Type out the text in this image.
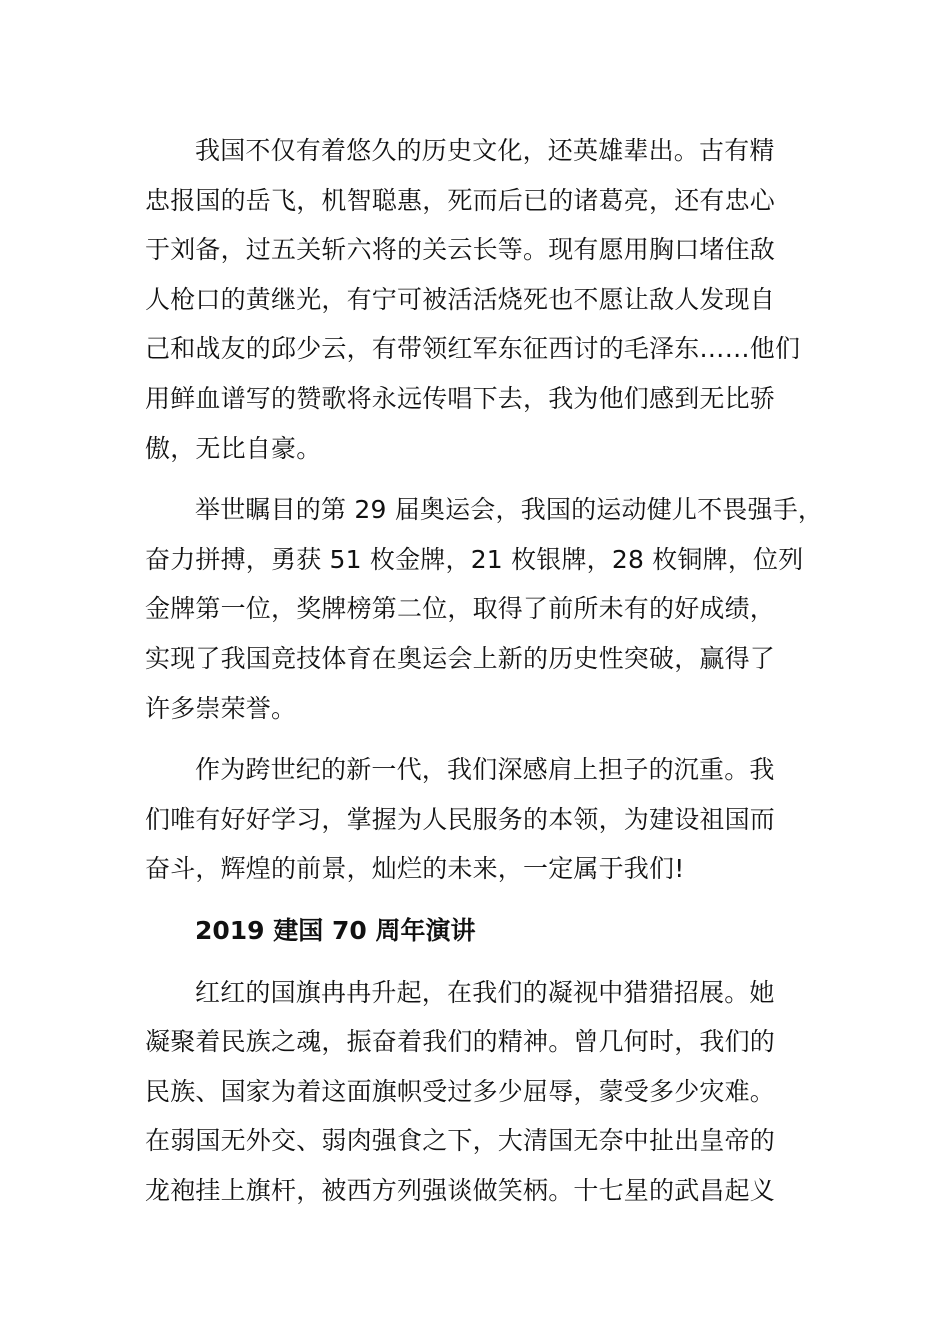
我国不仅有着悠久的历史文化，还英雄辈出。古有精
忠报国的岳飞，机智聪惠，死而后已的诸葛亮，还有忠心
于刘备，过五关斩六将的关云长等。现有愿用胸口堵住敌
人枪口的黄继光，有宁可被活活烧死也不愿让敌人发现自
己和战友的邱少云，有带领红军东征西讨的毛泽东……他们
用鲜血谱写的赞歌将永远传唱下去，我为他们感到无比骄
傲，无比自豪。

举世瞩目的第 29 届奥运会，我国的运动健儿不畏强手，
奋力拼搏，勇获 51 枚金牌，21 枚银牌，28 枚铜牌，位列
金牌第一位，奖牌榜第二位，取得了前所未有的好成绩，
实现了我国竞技体育在奥运会上新的历史性突破，赢得了
许多崇荣誉。

作为跨世纪的新一代，我们深感肩上担子的沉重。我
们唯有好好学习，掌握为人民服务的本领，为建设祖国而
奋斗，辉煌的前景，灿烂的未来，一定属于我们!

2019 建国 70 周年演讲

红红的国旗冉冉升起，在我们的凝视中猎猎招展。她
凝聚着民族之魂，振奋着我们的精神。曾几何时，我们的
民族、国家为着这面旗帜受过多少屈辱，蒙受多少灾难。
在弱国无外交、弱肉强食之下，大清国无奈中扯出皇帝的
龙袍挂上旗杆，被西方列强谈做笑柄。十七星的武昌起义
